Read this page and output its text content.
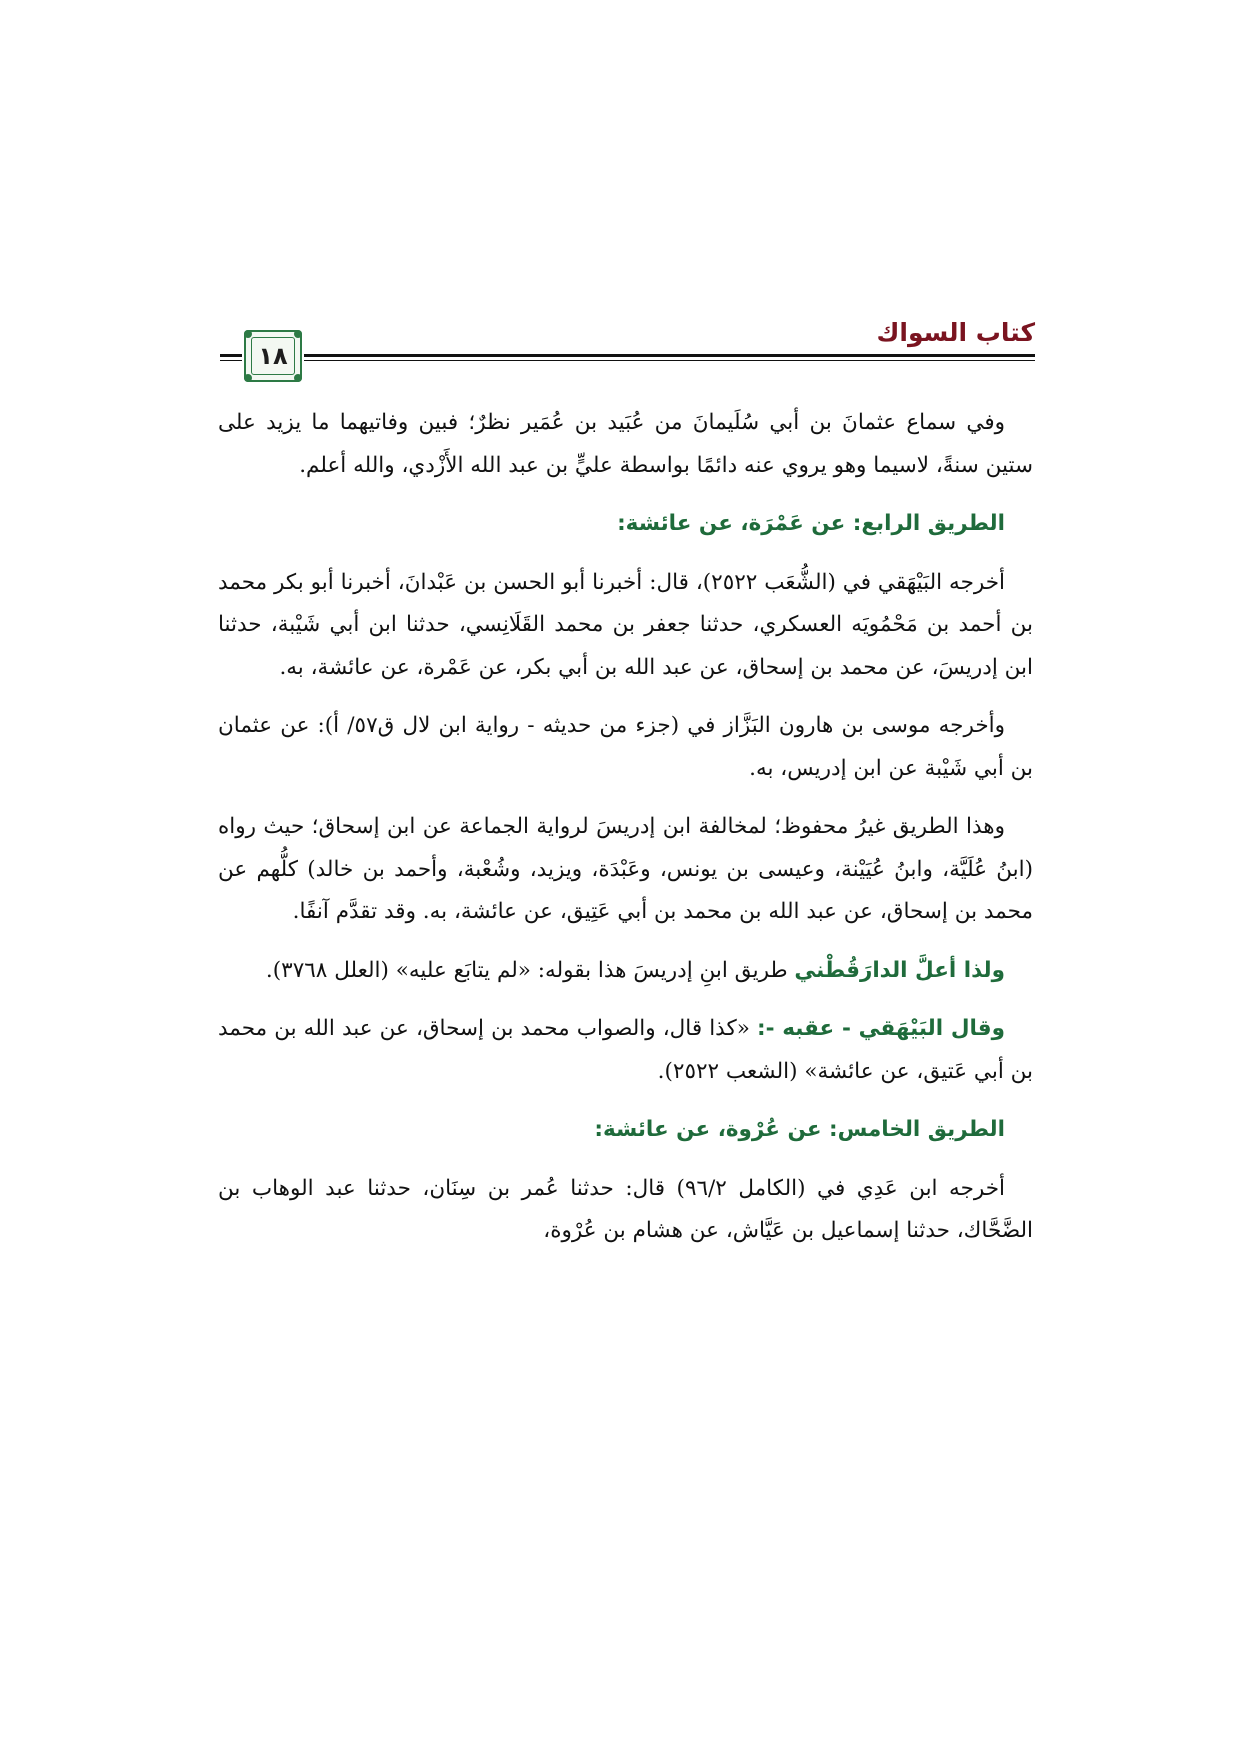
كتاب السواك
١٨

وفي سماع عثمانَ بن أبي سُلَيمانَ من عُبَيد بن عُمَير نظرٌ؛ فبين وفاتيهما ما يزيد على ستين سنةً، لاسيما وهو يروي عنه دائمًا بواسطة عليٍّ بن عبد الله الأَزْدي، والله أعلم.

الطريق الرابع: عن عَمْرَة، عن عائشة:

أخرجه البَيْهَقي في (الشُّعَب ٢٥٢٢)، قال: أخبرنا أبو الحسن بن عَبْدانَ، أخبرنا أبو بكر محمد بن أحمد بن مَحْمُويَه العسكري، حدثنا جعفر بن محمد القَلَانِسي، حدثنا ابن أبي شَيْبة، حدثنا ابن إدريسَ، عن محمد بن إسحاق، عن عبد الله بن أبي بكر، عن عَمْرة، عن عائشة، به.

وأخرجه موسى بن هارون البَزَّاز في (جزء من حديثه - رواية ابن لال ق٥٧/ أ): عن عثمان بن أبي شَيْبة عن ابن إدريس، به.

وهذا الطريق غيرُ محفوظ؛ لمخالفة ابن إدريسَ لرواية الجماعة عن ابن إسحاق؛ حيث رواه (ابنُ عُلَيَّة، وابنُ عُيَيْنة، وعيسى بن يونس، وعَبْدَة، ويزيد، وشُعْبة، وأحمد بن خالد) كلُّهم عن محمد بن إسحاق، عن عبد الله بن محمد بن أبي عَتِيق، عن عائشة، به. وقد تقدَّم آنفًا.

ولذا أعلَّ الدارَقُطْني طريق ابنِ إدريسَ هذا بقوله: «لم يتابَع عليه» (العلل ٣٧٦٨).

وقال البَيْهَقي - عقبه -: «كذا قال، والصواب محمد بن إسحاق، عن عبد الله بن محمد بن أبي عَتيق، عن عائشة» (الشعب ٢٥٢٢).

الطريق الخامس: عن عُرْوة، عن عائشة:

أخرجه ابن عَدِي في (الكامل ٩٦/٢) قال: حدثنا عُمر بن سِنَان، حدثنا عبد الوهاب بن الضَّحَّاك، حدثنا إسماعيل بن عَيَّاش، عن هشام بن عُرْوة،
